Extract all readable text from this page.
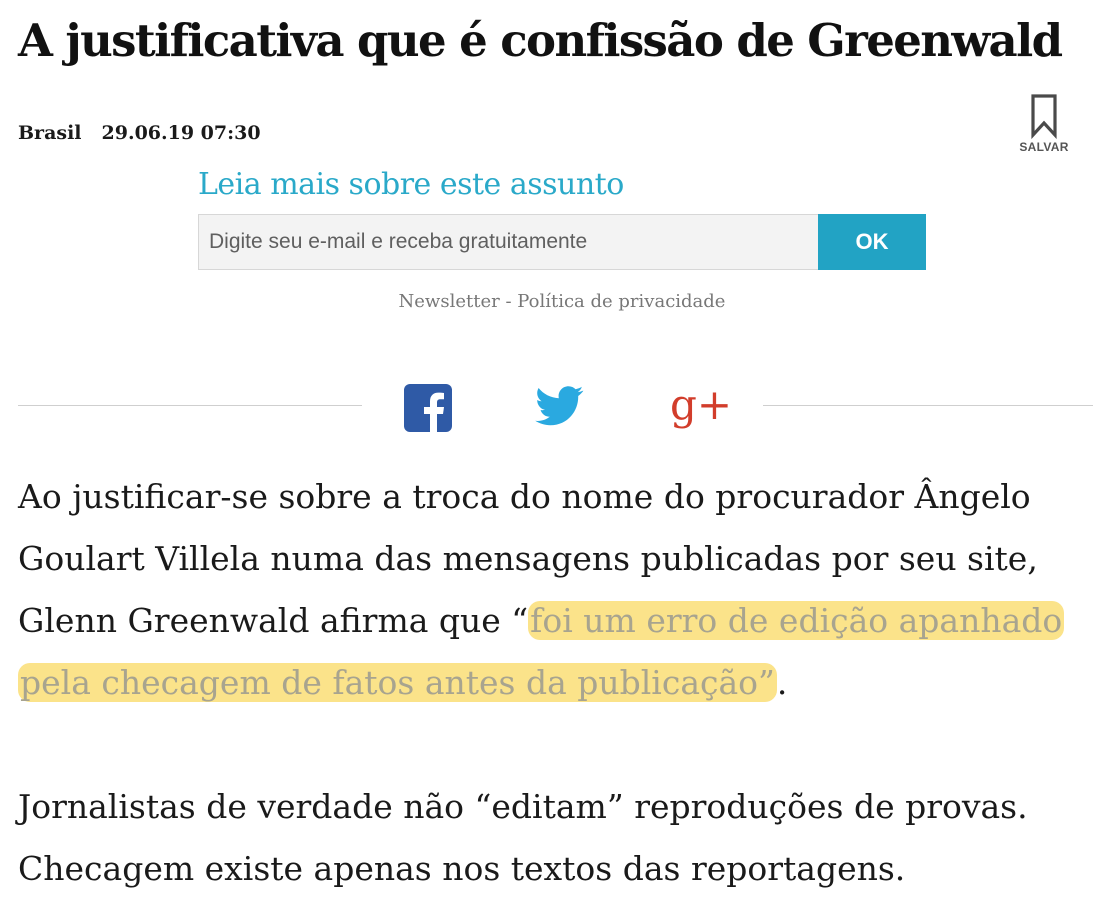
A justificativa que é confissão de Greenwald
Brasil 29.06.19 07:30
SALVAR
Leia mais sobre este assunto
Digite seu e-mail e receba gratuitamente
OK
Newsletter - Política de privacidade
g+

Ao justificar-se sobre a troca do nome do procurador Ângelo Goulart Villela numa das mensagens publicadas por seu site, Glenn Greenwald afirma que “foi um erro de edição apanhado pela checagem de fatos antes da publicação”.

Jornalistas de verdade não “editam” reproduções de provas. Checagem existe apenas nos textos das reportagens.
